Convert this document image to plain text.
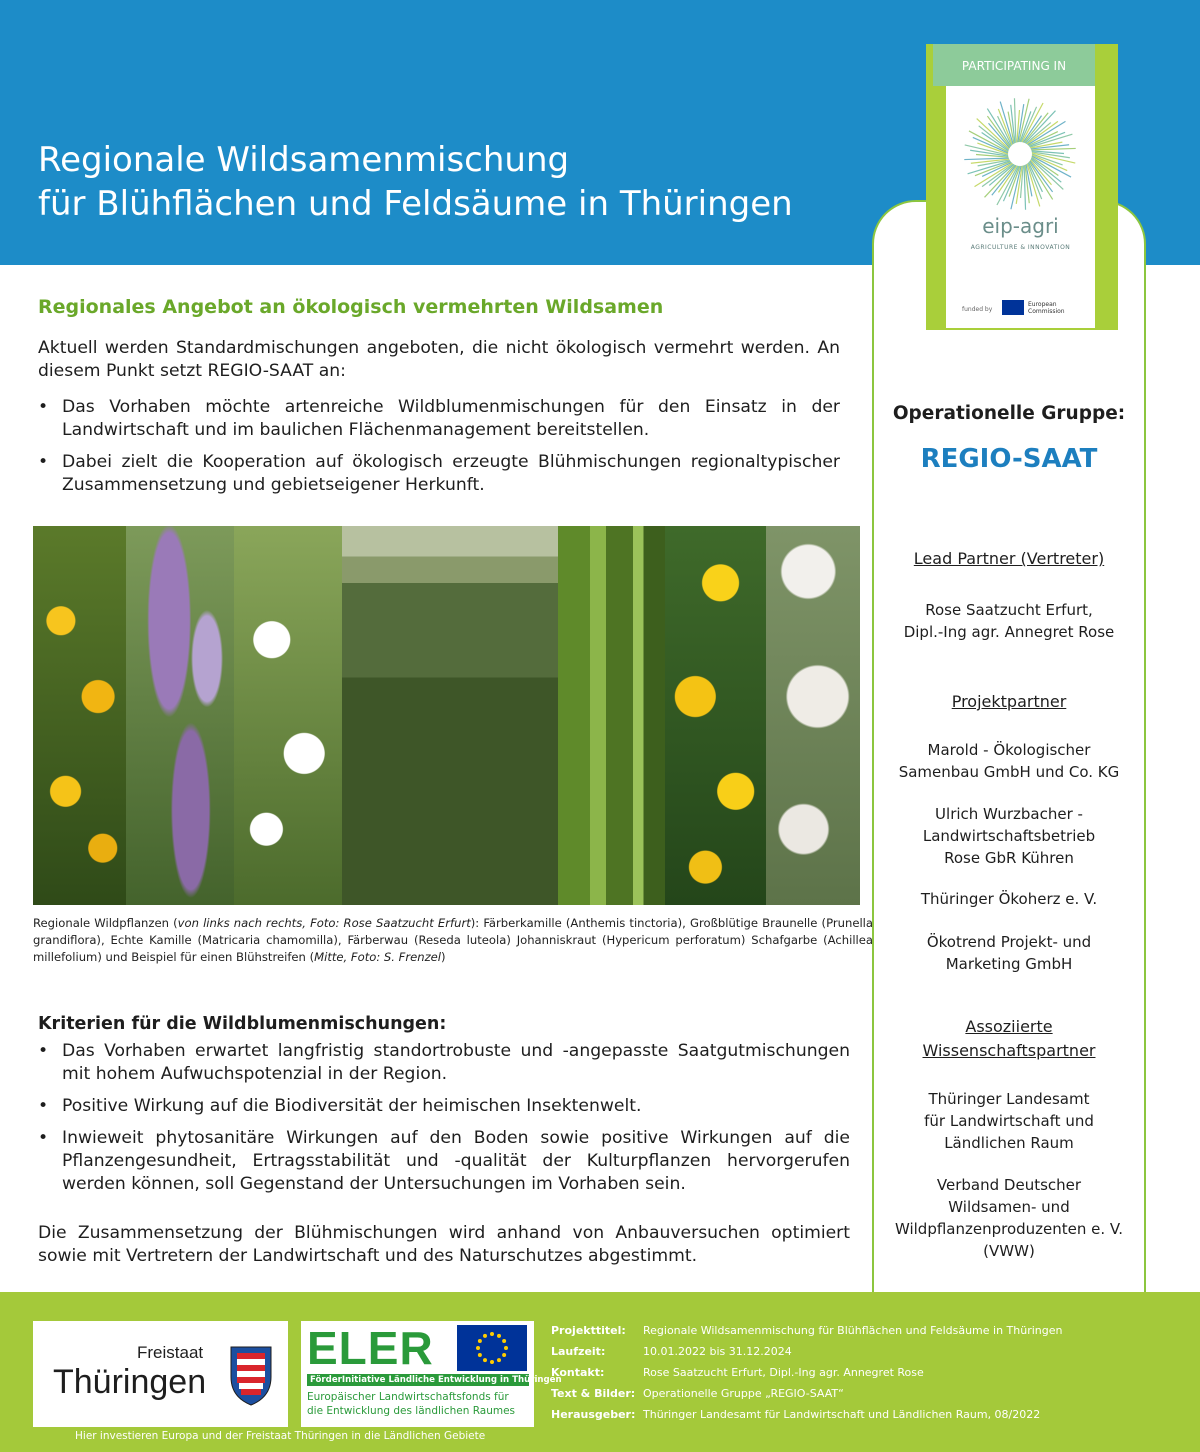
Regionale Wildsamenmischung
für Blühflächen und Feldsäume in Thüringen
PARTICIPATING IN
eip-agri
AGRICULTURE & INNOVATION
funded by
European Commission
Regionales Angebot an ökologisch vermehrten Wildsamen
Aktuell werden Standardmischungen angeboten, die nicht ökologisch vermehrt werden. An diesem Punkt setzt REGIO-SAAT an:
• Das Vorhaben möchte artenreiche Wildblumenmischungen für den Einsatz in der Landwirtschaft und im baulichen Flächenmanagement bereitstellen.
• Dabei zielt die Kooperation auf ökologisch erzeugte Blühmischungen regionaltypischer Zusammensetzung und gebietseigener Herkunft.
Regionale Wildpflanzen (von links nach rechts, Foto: Rose Saatzucht Erfurt): Färberkamille (Anthemis tinctoria), Großblütige Braunelle (Prunella grandiflora), Echte Kamille (Matricaria chamomilla), Färberwau (Reseda luteola) Johanniskraut (Hypericum perforatum) Schafgarbe (Achillea millefolium) und Beispiel für einen Blühstreifen (Mitte, Foto: S. Frenzel)
Kriterien für die Wildblumenmischungen:
• Das Vorhaben erwartet langfristig standortrobuste und -angepasste Saatgutmischungen mit hohem Aufwuchspotenzial in der Region.
• Positive Wirkung auf die Biodiversität der heimischen Insektenwelt.
• Inwieweit phytosanitäre Wirkungen auf den Boden sowie positive Wirkungen auf die Pflanzengesundheit, Ertragsstabilität und -qualität der Kulturpflanzen hervorgerufen werden können, soll Gegenstand der Untersuchungen im Vorhaben sein.
Die Zusammensetzung der Blühmischungen wird anhand von Anbauversuchen optimiert sowie mit Vertretern der Landwirtschaft und des Naturschutzes abgestimmt.
Operationelle Gruppe:
REGIO-SAAT
Lead Partner (Vertreter)
Rose Saatzucht Erfurt,
Dipl.-Ing agr. Annegret Rose
Projektpartner
Marold - Ökologischer
Samenbau GmbH und Co. KG
Ulrich Wurzbacher -
Landwirtschaftsbetrieb
Rose GbR Kühren
Thüringer Ökoherz e. V.
Ökotrend Projekt- und
Marketing GmbH
Assoziierte
Wissenschaftspartner
Thüringer Landesamt
für Landwirtschaft und
Ländlichen Raum
Verband Deutscher
Wildsamen- und
Wildpflanzenproduzenten e. V.
(VWW)
Freistaat
Thüringen
ELER
FörderInitiative Ländliche Entwicklung in Thüringen
Europäischer Landwirtschaftsfonds für
die Entwicklung des ländlichen Raumes
Hier investieren Europa und der Freistaat Thüringen in die Ländlichen Gebiete
Projekttitel:	Regionale Wildsamenmischung für Blühflächen und Feldsäume in Thüringen
Laufzeit:	10.01.2022 bis 31.12.2024
Kontakt:	Rose Saatzucht Erfurt, Dipl.-Ing agr. Annegret Rose
Text & Bilder: Operationelle Gruppe „REGIO-SAAT“
Herausgeber: Thüringer Landesamt für Landwirtschaft und Ländlichen Raum, 08/2022
